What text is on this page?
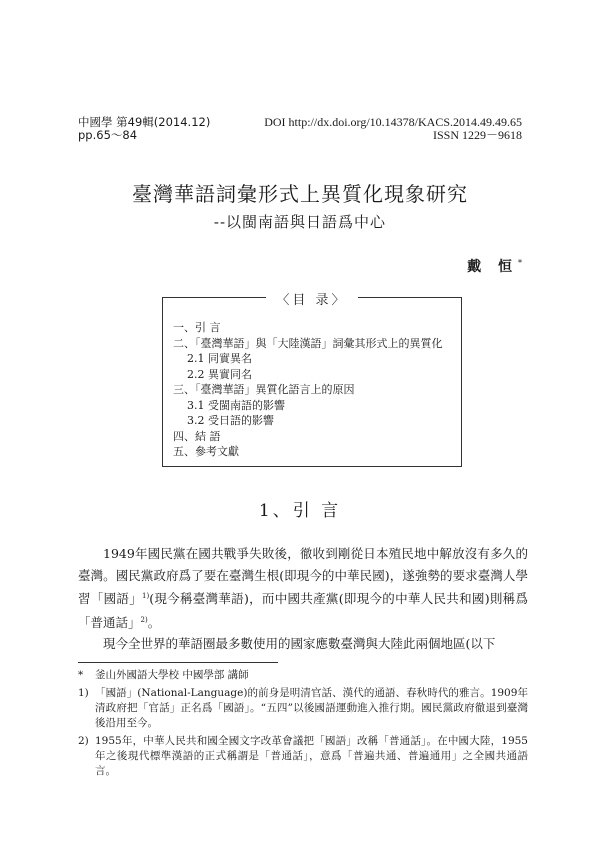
中國學 第49輯(2014.12)
pp.65～84
DOI http://dx.doi.org/10.14378/KACS.2014.49.49.65
ISSN 1229－9618
臺灣華語詞彙形式上異質化現象研究
--以閩南語與日語爲中心
戴 恒*
〈目 录〉
一、引 言
二、「臺灣華語」與「大陸漢語」詞彙其形式上的異質化
2.1 同實異名
2.2 異實同名
三、「臺灣華語」異質化語言上的原因
3.1 受閩南語的影響
3.2 受日語的影響
四、結 語
五、參考文獻
1、引 言

1949年國民黨在國共戰爭失敗後，徹收到剛從日本殖民地中解放沒有多久的臺灣。國民黨政府爲了要在臺灣生根(即現今的中華民國)，遂強勢的要求臺灣人學習「國語」$^{1)}$(現今稱臺灣華語)，而中國共產黨(即現今的中華人民共和國)則稱爲「普通話」$^{2)}$。

現今全世界的華語圈最多數使用的國家應數臺灣與大陸此兩個地區(以下

*	釜山外國語大學校 中國學部 講師
1) 「國語」(National-Language)的前身是明清官話、漢代的通語、春秋時代的雅言。1909年清政府把「官話」正名爲「國語」。“五四”以後國語運動進入推行期。國民黨政府徹退到臺灣後沿用至今。
2) 1955年，中華人民共和國全國文字改革會議把「國語」改稱「普通話」。在中國大陸，1955年之後現代標準漢語的正式稱謂是「普通話」，意爲「普遍共通、普遍通用」之全國共通語言。
